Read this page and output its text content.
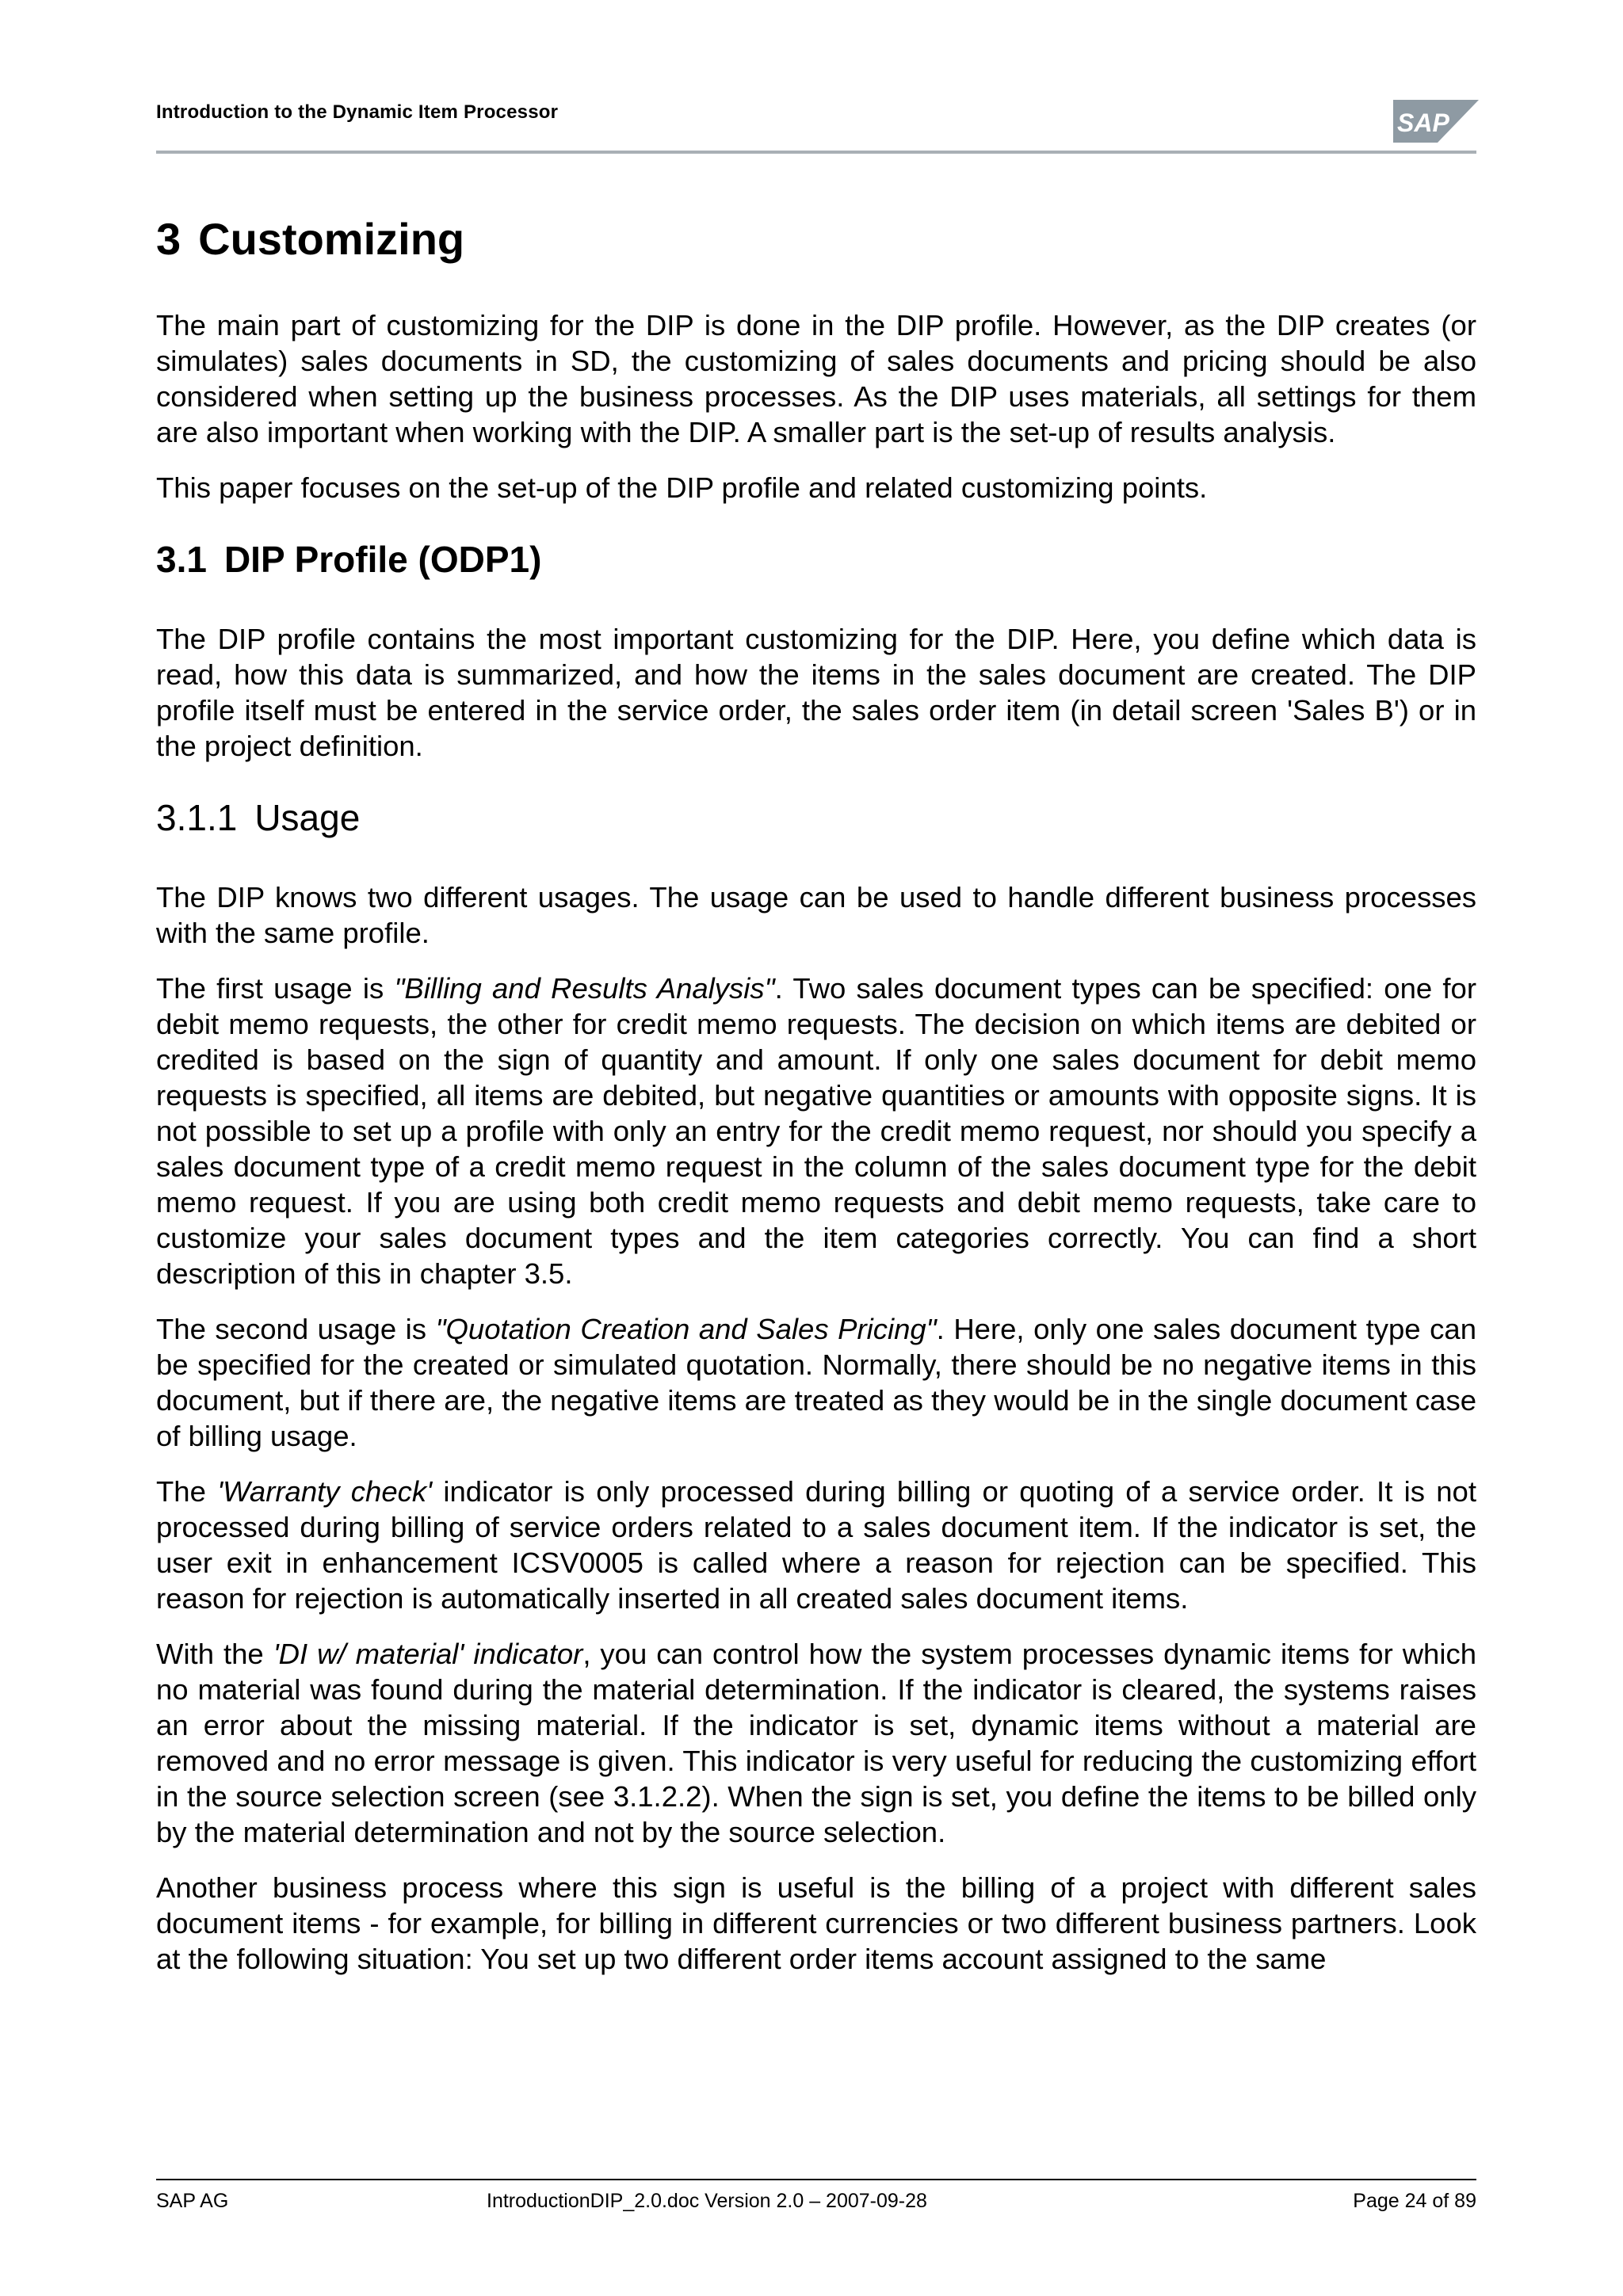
Introduction to the Dynamic Item Processor	SAP
3 Customizing

The main part of customizing for the DIP is done in the DIP profile. However, as the DIP creates (or simulates) sales documents in SD, the customizing of sales documents and pricing should be also considered when setting up the business processes. As the DIP uses materials, all settings for them are also important when working with the DIP. A smaller part is the set-up of results analysis.

This paper focuses on the set-up of the DIP profile and related customizing points.

3.1 DIP Profile (ODP1)

The DIP profile contains the most important customizing for the DIP. Here, you define which data is read, how this data is summarized, and how the items in the sales document are created. The DIP profile itself must be entered in the service order, the sales order item (in detail screen 'Sales B') or in the project definition.

3.1.1 Usage

The DIP knows two different usages. The usage can be used to handle different business processes with the same profile.

The first usage is "Billing and Results Analysis". Two sales document types can be specified: one for debit memo requests, the other for credit memo requests. The decision on which items are debited or credited is based on the sign of quantity and amount. If only one sales document for debit memo requests is specified, all items are debited, but negative quantities or amounts with opposite signs. It is not possible to set up a profile with only an entry for the credit memo request, nor should you specify a sales document type of a credit memo request in the column of the sales document type for the debit memo request. If you are using both credit memo requests and debit memo requests, take care to customize your sales document types and the item categories correctly. You can find a short description of this in chapter 3.5.

The second usage is "Quotation Creation and Sales Pricing". Here, only one sales document type can be specified for the created or simulated quotation. Normally, there should be no negative items in this document, but if there are, the negative items are treated as they would be in the single document case of billing usage.

The 'Warranty check' indicator is only processed during billing or quoting of a service order. It is not processed during billing of service orders related to a sales document item. If the indicator is set, the user exit in enhancement ICSV0005 is called where a reason for rejection can be specified. This reason for rejection is automatically inserted in all created sales document items.

With the 'DI w/ material' indicator, you can control how the system processes dynamic items for which no material was found during the material determination. If the indicator is cleared, the systems raises an error about the missing material. If the indicator is set, dynamic items without a material are removed and no error message is given. This indicator is very useful for reducing the customizing effort in the source selection screen (see 3.1.2.2). When the sign is set, you define the items to be billed only by the material determination and not by the source selection.

Another business process where this sign is useful is the billing of a project with different sales document items - for example, for billing in different currencies or two different business partners. Look at the following situation: You set up two different order items account assigned to the same

SAP AG	IntroductionDIP_2.0.doc Version 2.0 – 2007-09-28	Page 24 of 89
